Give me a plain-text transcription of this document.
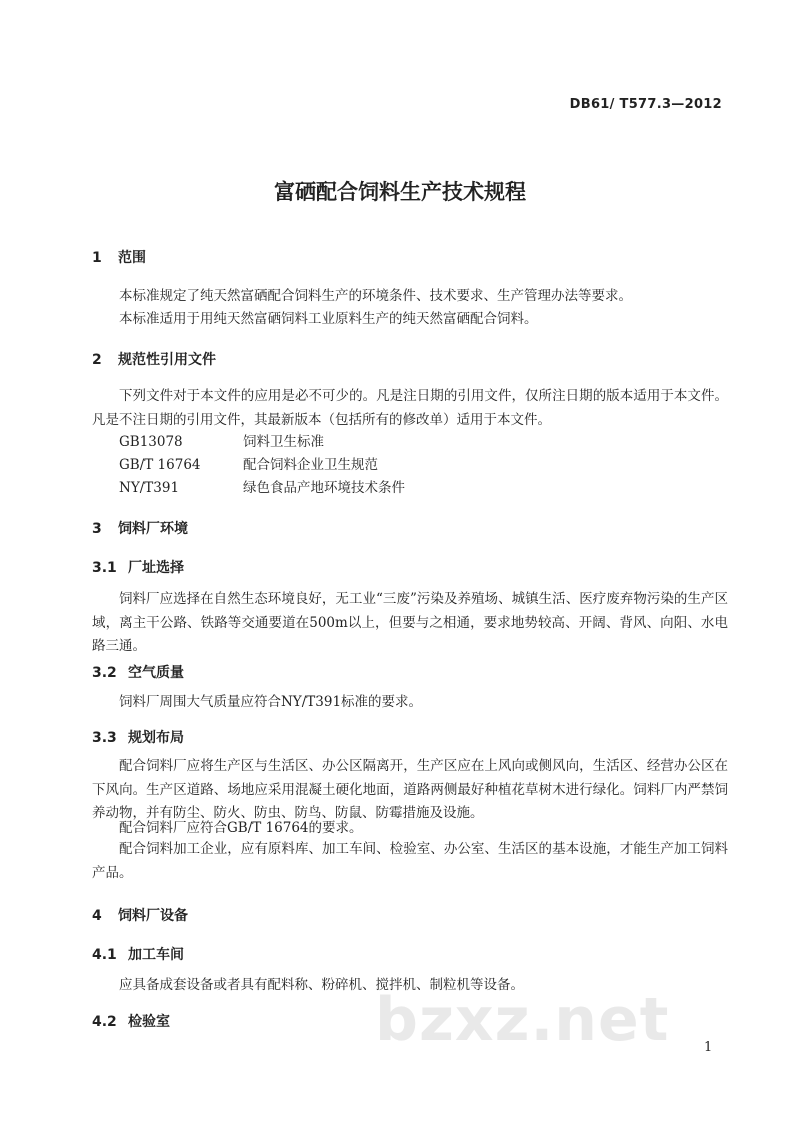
DB61/ T577.3—2012
富硒配合饲料生产技术规程
1 范围
本标准规定了纯天然富硒配合饲料生产的环境条件、技术要求、生产管理办法等要求。
本标准适用于用纯天然富硒饲料工业原料生产的纯天然富硒配合饲料。
2 规范性引用文件
下列文件对于本文件的应用是必不可少的。凡是注日期的引用文件，仅所注日期的版本适用于本文件。凡是不注日期的引用文件，其最新版本（包括所有的修改单）适用于本文件。
GB13078	饲料卫生标准
GB/T 16764	配合饲料企业卫生规范
NY/T391	绿色食品产地环境技术条件
3 饲料厂环境
3.1 厂址选择
饲料厂应选择在自然生态环境良好，无工业“三废”污染及养殖场、城镇生活、医疗废弃物污染的生产区域，离主干公路、铁路等交通要道在500m以上，但要与之相通，要求地势较高、开阔、背风、向阳、水电路三通。
3.2 空气质量
饲料厂周围大气质量应符合NY/T391标准的要求。
3.3 规划布局
配合饲料厂应将生产区与生活区、办公区隔离开，生产区应在上风向或侧风向，生活区、经营办公区在下风向。生产区道路、场地应采用混凝土硬化地面，道路两侧最好种植花草树木进行绿化。饲料厂内严禁饲养动物，并有防尘、防火、防虫、防鸟、防鼠、防霉措施及设施。
配合饲料厂应符合GB/T 16764的要求。
配合饲料加工企业，应有原料库、加工车间、检验室、办公室、生活区的基本设施，才能生产加工饲料产品。
4 饲料厂设备
4.1 加工车间
应具备成套设备或者具有配料称、粉碎机、搅拌机、制粒机等设备。
4.2 检验室	bzxz.net	1
